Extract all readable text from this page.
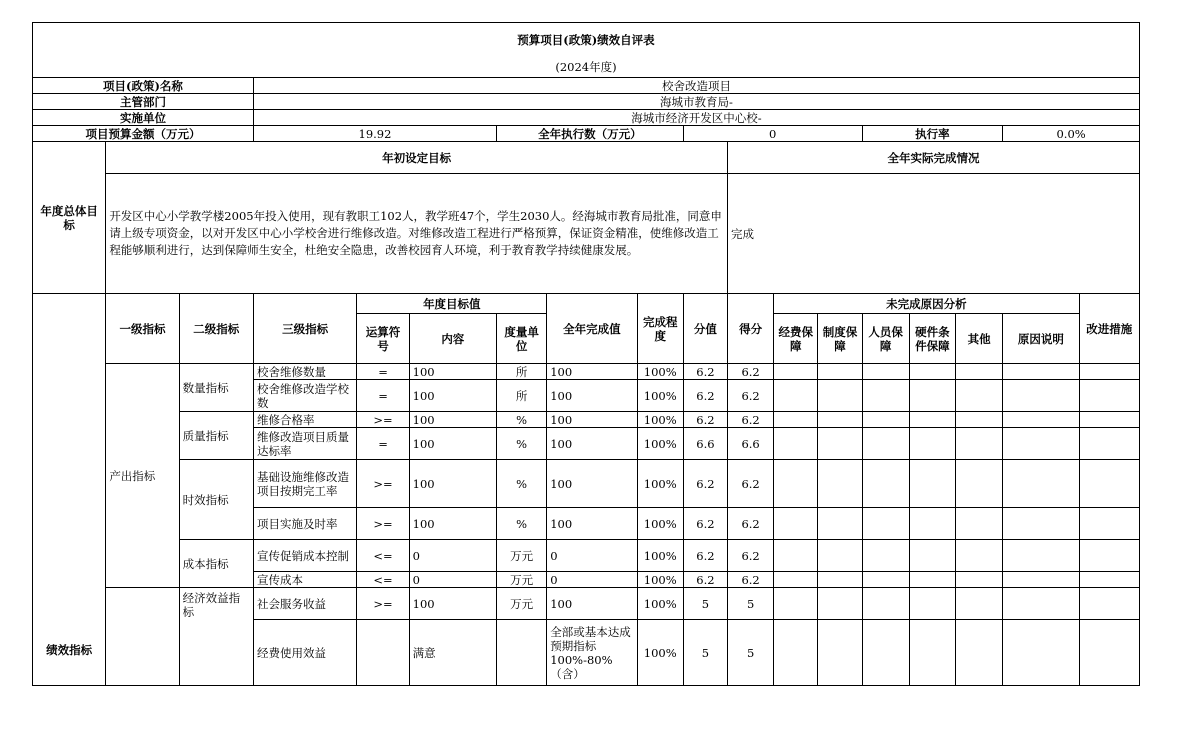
预算项目(政策)绩效自评表																	
(2024年度)																	
项目(政策)名称			校舍改造项目														
主管部门			海城市教育局-														
实施单位			海城市经济开发区中心校-														
项目预算金额（万元）			19.92			全年执行数（万元）			0				执行率			0.0%	
年度总体目标	年初设定目标									全年实际完成情况							
	开发区中心小学教学楼2005年投入使用，现有教职工102人，教学班47个，学生2030人。经海城市教育局批准，同意申请上级专项资金，以对开发区中心小学校舍进行维修改造。对维修改造工程进行严格预算，保证资金精准，使维修改造工程能够顺利进行，达到保障师生安全，杜绝安全隐患，改善校园育人环境，利于教育教学持续健康发展。									完成							
绩效指标	一级指标	二级指标	三级指标	年度目标值			全年完成值	完成程度	分值	得分	未完成原因分析						改进措施
				运算符号	内容	度量单位					经费保障	制度保障	人员保障	硬件条件保障	其他	原因说明	
	产出指标	数量指标	校舍维修数量	=	100	所	100	100%	6.2	6.2							
			校舍维修改造学校数	=	100	所	100	100%	6.2	6.2							
		质量指标	维修合格率	>=	100	%	100	100%	6.2	6.2							
			维修改造项目质量达标率	=	100	%	100	100%	6.6	6.6							
		时效指标	基础设施维修改造项目按期完工率	>=	100	%	100	100%	6.2	6.2							
			项目实施及时率	>=	100	%	100	100%	6.2	6.2							
		成本指标	宣传促销成本控制	<=	0	万元	0	100%	6.2	6.2							
			宣传成本	<=	0	万元	0	100%	6.2	6.2							
		经济效益指标	社会服务收益	>=	100	万元	100	100%	5	5							
			经费使用效益		满意		全部或基本达成预期指标100%-80%（含）	100%	5	5							
